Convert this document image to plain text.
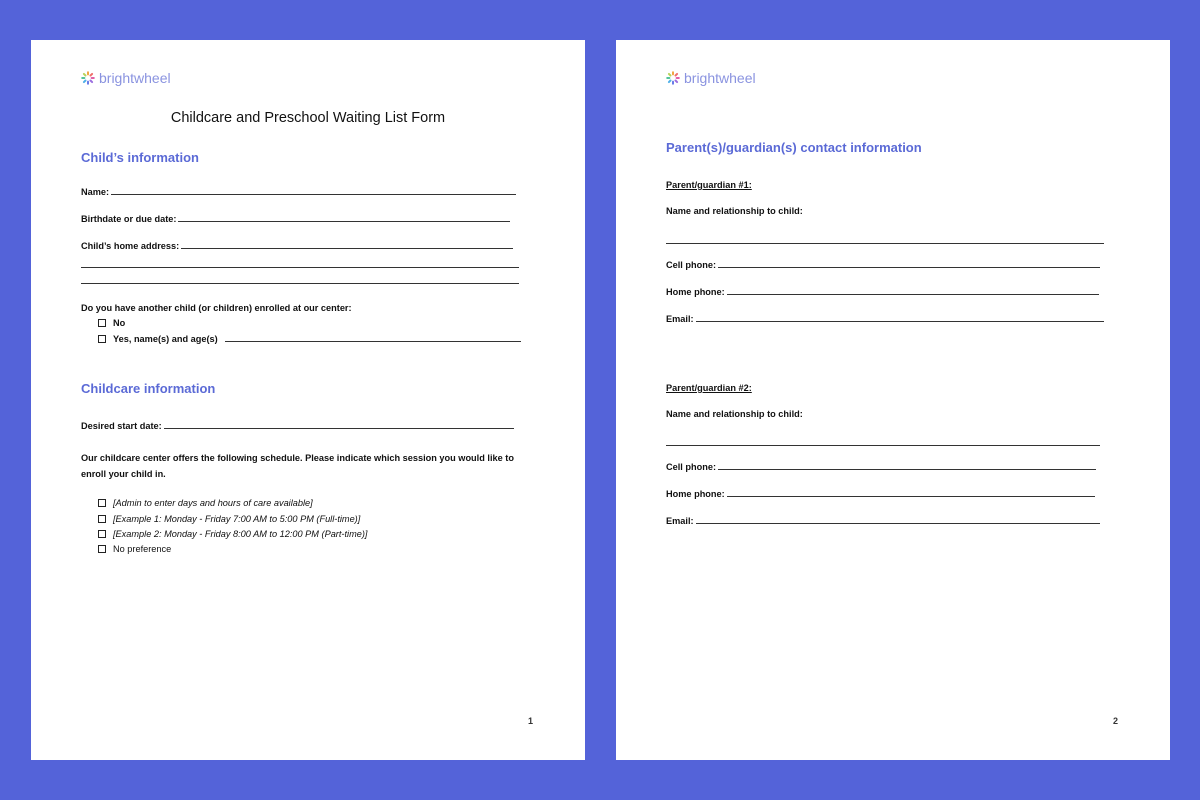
brightwheel
Childcare and Preschool Waiting List Form
Child’s information
Name:
Birthdate or due date:
Child’s home address:
Do you have another child (or children) enrolled at our center:
No
Yes, name(s) and age(s)
Childcare information
Desired start date:
Our childcare center offers the following schedule. Please indicate which session you would like to enroll your child in.
[Admin to enter days and hours of care available]
[Example 1: Monday - Friday 7:00 AM to 5:00 PM (Full-time)]
[Example 2: Monday - Friday 8:00 AM to 12:00 PM (Part-time)]
No preference
1
brightwheel
Parent(s)/guardian(s) contact information
Parent/guardian #1:
Name and relationship to child:
Cell phone:
Home phone:
Email:
Parent/guardian #2:
Name and relationship to child:
Cell phone:
Home phone:
Email:
2
